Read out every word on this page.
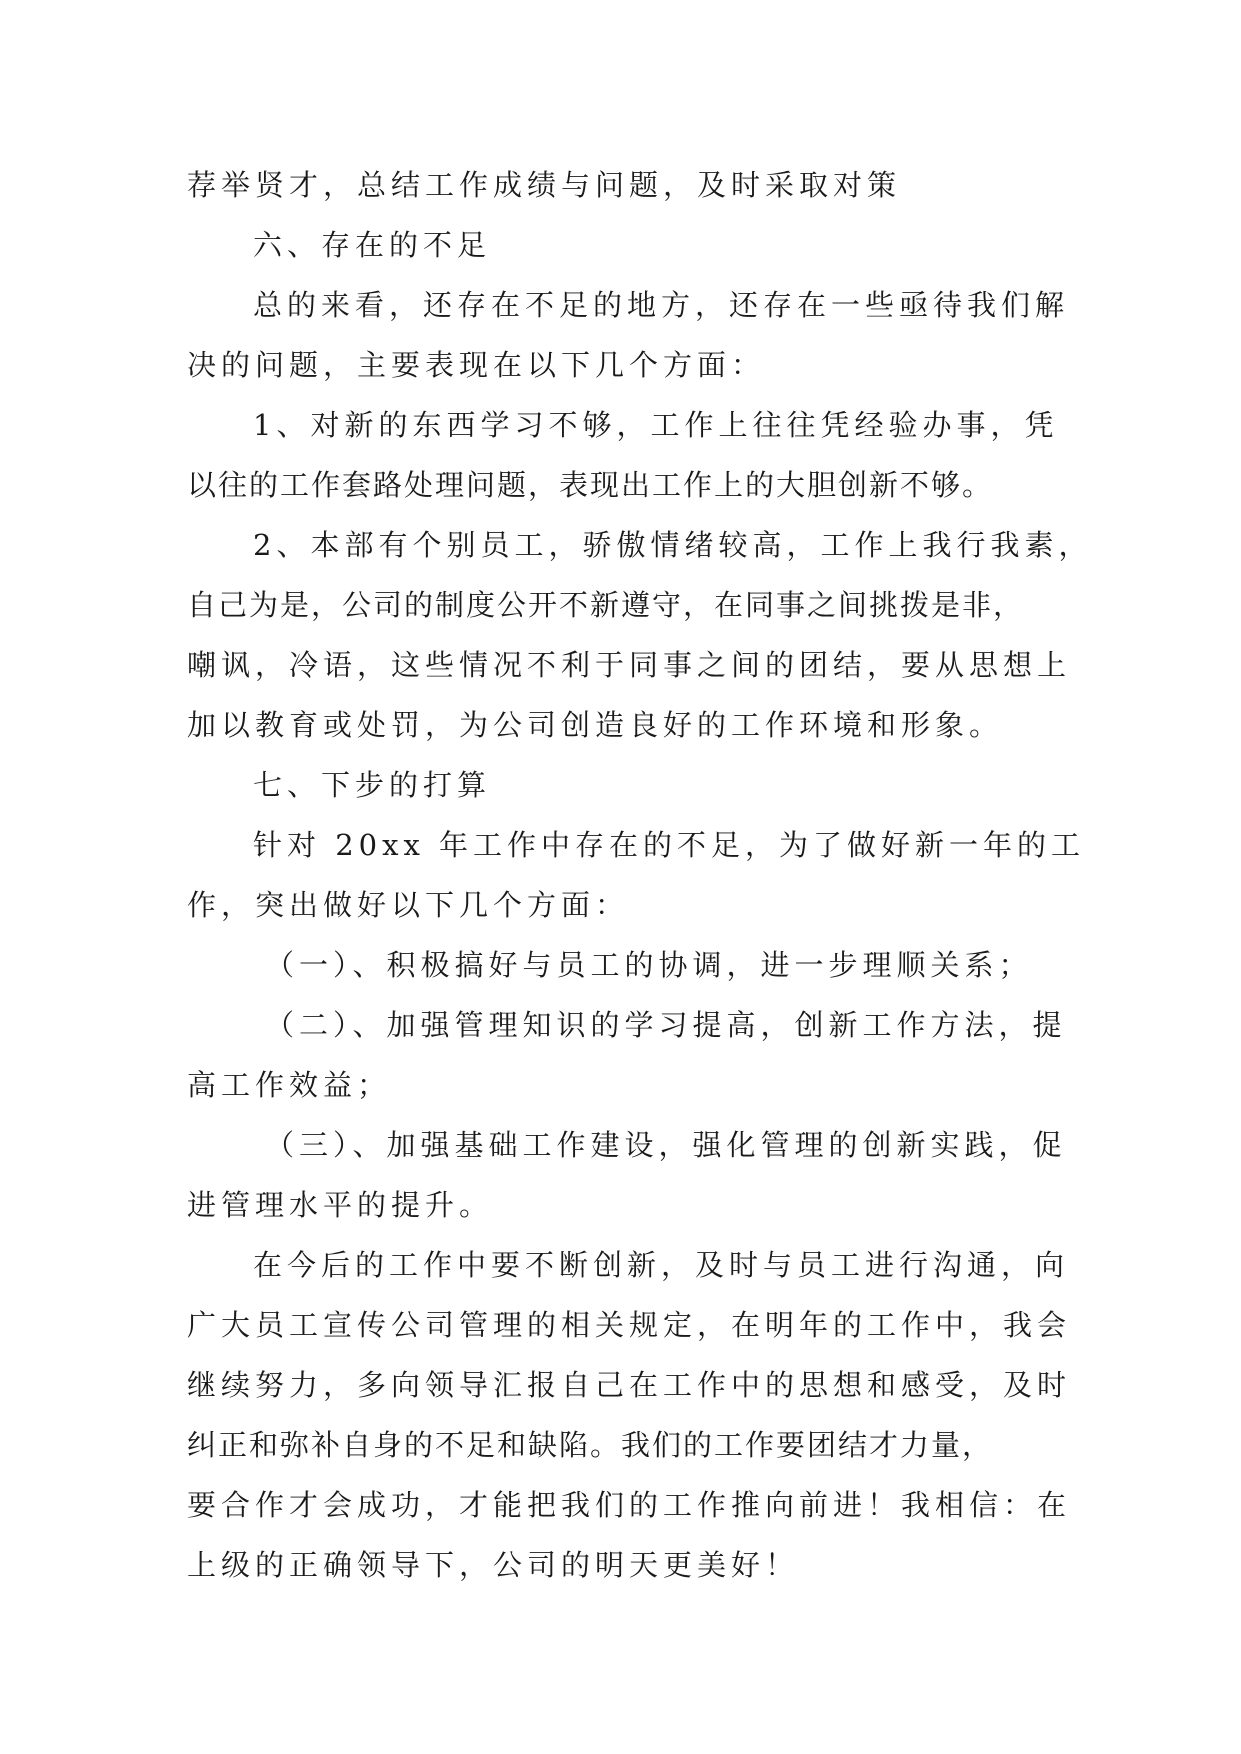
荐举贤才，总结工作成绩与问题，及时采取对策
六、存在的不足
总的来看，还存在不足的地方，还存在一些亟待我们解
决的问题，主要表现在以下几个方面：
1、对新的东西学习不够，工作上往往凭经验办事，凭
以往的工作套路处理问题，表现出工作上的大胆创新不够。
2、本部有个别员工，骄傲情绪较高，工作上我行我素，
自己为是，公司的制度公开不新遵守，在同事之间挑拨是非，
嘲讽，冷语，这些情况不利于同事之间的团结，要从思想上
加以教育或处罚，为公司创造良好的工作环境和形象。
七、下步的打算
针对 20xx 年工作中存在的不足，为了做好新一年的工
作，突出做好以下几个方面：
（一）、积极搞好与员工的协调，进一步理顺关系；
（二）、加强管理知识的学习提高，创新工作方法，提
高工作效益；
（三）、加强基础工作建设，强化管理的创新实践，促
进管理水平的提升。
在今后的工作中要不断创新，及时与员工进行沟通，向
广大员工宣传公司管理的相关规定，在明年的工作中，我会
继续努力，多向领导汇报自己在工作中的思想和感受，及时
纠正和弥补自身的不足和缺陷。我们的工作要团结才力量，
要合作才会成功，才能把我们的工作推向前进！我相信：在
上级的正确领导下，公司的明天更美好！
